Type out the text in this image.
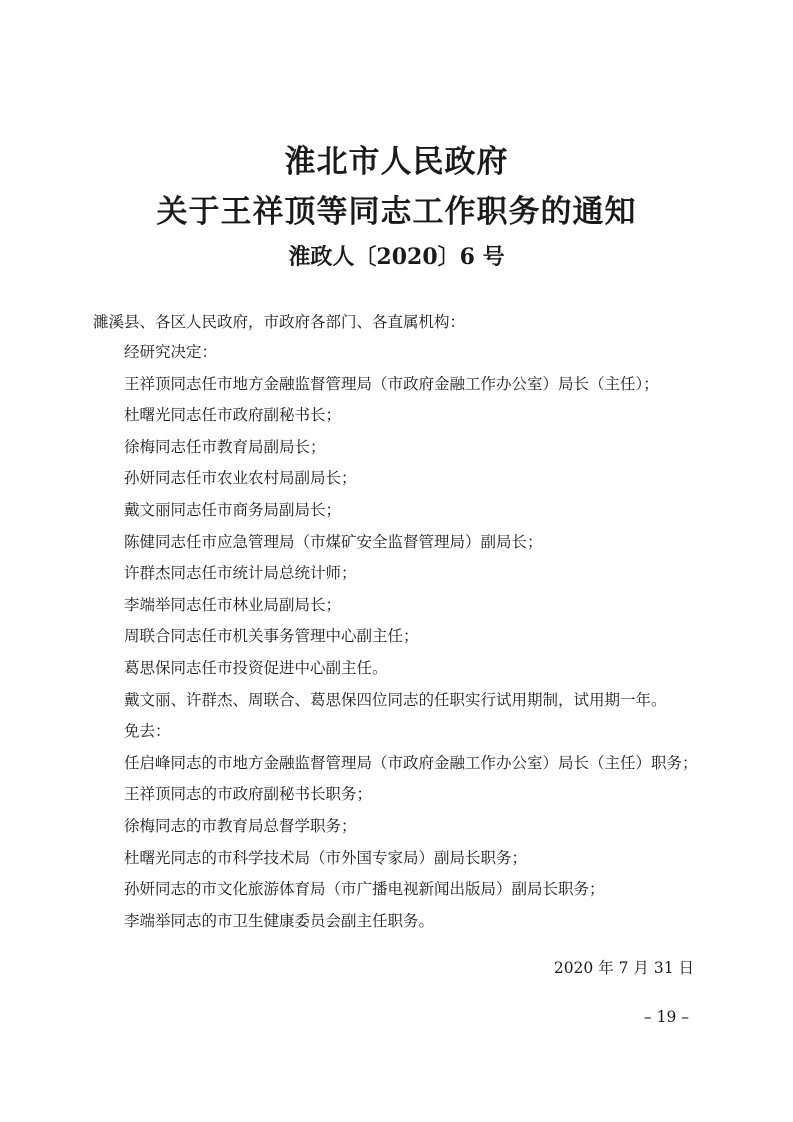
淮北市人民政府
关于王祥顶等同志工作职务的通知
淮政人〔2020〕6 号
濉溪县、各区人民政府，市政府各部门、各直属机构：
经研究决定：
王祥顶同志任市地方金融监督管理局（市政府金融工作办公室）局长（主任）；
杜曙光同志任市政府副秘书长；
徐梅同志任市教育局副局长；
孙妍同志任市农业农村局副局长；
戴文丽同志任市商务局副局长；
陈健同志任市应急管理局（市煤矿安全监督管理局）副局长；
许群杰同志任市统计局总统计师；
李端举同志任市林业局副局长；
周联合同志任市机关事务管理中心副主任；
葛思保同志任市投资促进中心副主任。
戴文丽、许群杰、周联合、葛思保四位同志的任职实行试用期制，试用期一年。
免去：
任启峰同志的市地方金融监督管理局（市政府金融工作办公室）局长（主任）职务；
王祥顶同志的市政府副秘书长职务；
徐梅同志的市教育局总督学职务；
杜曙光同志的市科学技术局（市外国专家局）副局长职务；
孙妍同志的市文化旅游体育局（市广播电视新闻出版局）副局长职务；
李端举同志的市卫生健康委员会副主任职务。
2020 年 7 月 31 日
– 19 –
